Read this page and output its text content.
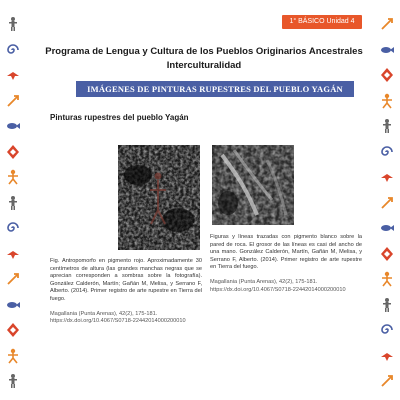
1° BÁSICO Unidad 4
Programa de Lengua y Cultura de los Pueblos Originarios Ancestrales
Interculturalidad
IMÁGENES DE PINTURAS RUPESTRES DEL PUEBLO YAGÁN
Pinturas rupestres del pueblo Yagán
Fig. Antropomorfo en pigmento rojo. Aproximadamente 30 centímetros de altura (las grandes manchas negras que se aprecian corresponden a sombras sobre la fotografía). González Calderón, Martín; Gañán M, Melisa, y Serrano F, Alberto. (2014). Primer registro de arte rupestre en Tierra del fuego.
Magallania (Punta Arenas), 42(2), 175-181. https://dx.doi.org/10.4067/S0718-22442014000200010
Figuras y líneas trazadas con pigmento blanco sobre la pared de roca. El grosor de las líneas es casi del ancho de una mano. González Calderón, Martín, Gañán M, Melisa, y Serrano F, Alberto. (2014). Primer registro de arte rupestre en Tierra del fuego.
Magallania (Punta Arenas), 42(2), 175-181. https://dx.doi.org/10.4067/S0718-22442014000200010
